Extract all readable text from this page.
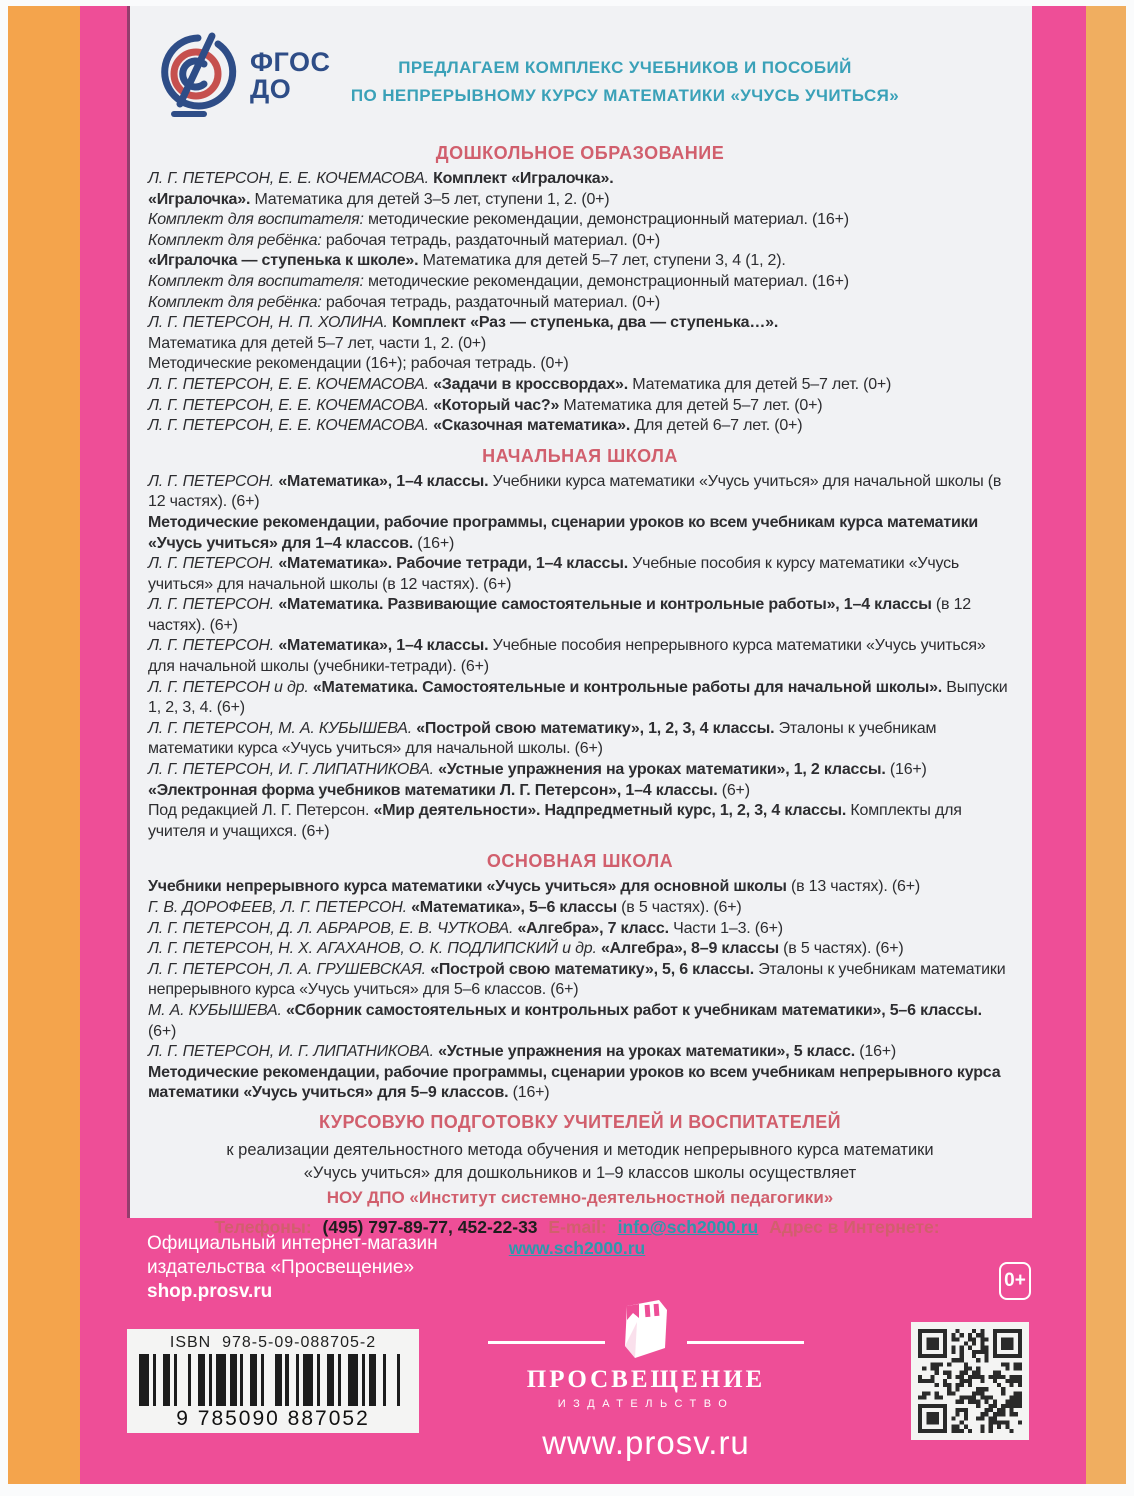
ФГОС
ДО
ПРЕДЛАГАЕМ КОМПЛЕКС УЧЕБНИКОВ И ПОСОБИЙ
ПО НЕПРЕРЫВНОМУ КУРСУ МАТЕМАТИКИ «УЧУСЬ УЧИТЬСЯ»
ДОШКОЛЬНОЕ ОБРАЗОВАНИЕ

Л. Г. ПЕТЕРСОН, Е. Е. КОЧЕМАСОВА. Комплект «Игралочка».

«Игралочка». Математика для детей 3–5 лет, ступени 1, 2. (0+)

Комплект для воспитателя: методические рекомендации, демонстрационный материал. (16+)

Комплект для ребёнка: рабочая тетрадь, раздаточный материал. (0+)

«Игралочка — ступенька к школе». Математика для детей 5–7 лет, ступени 3, 4 (1, 2).

Комплект для воспитателя: методические рекомендации, демонстрационный материал. (16+)

Комплект для ребёнка: рабочая тетрадь, раздаточный материал. (0+)

Л. Г. ПЕТЕРСОН, Н. П. ХОЛИНА. Комплект «Раз — ступенька, два — ступенька…».

Математика для детей 5–7 лет, части 1, 2. (0+)

Методические рекомендации (16+); рабочая тетрадь. (0+)

Л. Г. ПЕТЕРСОН, Е. Е. КОЧЕМАСОВА. «Задачи в кроссвордах». Математика для детей 5–7 лет. (0+)

Л. Г. ПЕТЕРСОН, Е. Е. КОЧЕМАСОВА. «Который час?» Математика для детей 5–7 лет. (0+)

Л. Г. ПЕТЕРСОН, Е. Е. КОЧЕМАСОВА. «Сказочная математика». Для детей 6–7 лет. (0+)

НАЧАЛЬНАЯ ШКОЛА

Л. Г. ПЕТЕРСОН. «Математика», 1–4 классы. Учебники курса математики «Учусь учиться» для начальной школы (в 12 частях). (6+)

Методические рекомендации, рабочие программы, сценарии уроков ко всем учебникам курса математики «Учусь учиться» для 1–4 классов. (16+)

Л. Г. ПЕТЕРСОН. «Математика». Рабочие тетради, 1–4 классы. Учебные пособия к курсу математики «Учусь учиться» для начальной школы (в 12 частях). (6+)

Л. Г. ПЕТЕРСОН. «Математика. Развивающие самостоятельные и контрольные работы», 1–4 классы (в 12 частях). (6+)

Л. Г. ПЕТЕРСОН. «Математика», 1–4 классы. Учебные пособия непрерывного курса математики «Учусь учиться» для начальной школы (учебники-тетради). (6+)

Л. Г. ПЕТЕРСОН и др. «Математика. Самостоятельные и контрольные работы для начальной школы». Выпуски 1, 2, 3, 4. (6+)

Л. Г. ПЕТЕРСОН, М. А. КУБЫШЕВА. «Построй свою математику», 1, 2, 3, 4 классы. Эталоны к учебникам математики курса «Учусь учиться» для начальной школы. (6+)

Л. Г. ПЕТЕРСОН, И. Г. ЛИПАТНИКОВА. «Устные упражнения на уроках математики», 1, 2 классы. (16+)

«Электронная форма учебников математики Л. Г. Петерсон», 1–4 классы. (6+)

Под редакцией Л. Г. Петерсон. «Мир деятельности». Надпредметный курс, 1, 2, 3, 4 классы. Комплекты для учителя и учащихся. (6+)

ОСНОВНАЯ ШКОЛА

Учебники непрерывного курса математики «Учусь учиться» для основной школы (в 13 частях). (6+)

Г. В. ДОРОФЕЕВ, Л. Г. ПЕТЕРСОН. «Математика», 5–6 классы (в 5 частях). (6+)

Л. Г. ПЕТЕРСОН, Д. Л. АБРАРОВ, Е. В. ЧУТКОВА. «Алгебра», 7 класс. Части 1–3. (6+)

Л. Г. ПЕТЕРСОН, Н. Х. АГАХАНОВ, О. К. ПОДЛИПСКИЙ и др. «Алгебра», 8–9 классы (в 5 частях). (6+)

Л. Г. ПЕТЕРСОН, Л. А. ГРУШЕВСКАЯ. «Построй свою математику», 5, 6 классы. Эталоны к учебникам математики непрерывного курса «Учусь учиться» для 5–6 классов. (6+)

М. А. КУБЫШЕВА. «Сборник самостоятельных и контрольных работ к учебникам математики», 5–6 классы. (6+)

Л. Г. ПЕТЕРСОН, И. Г. ЛИПАТНИКОВА. «Устные упражнения на уроках математики», 5 класс. (16+)

Методические рекомендации, рабочие программы, сценарии уроков ко всем учебникам непрерывного курса математики «Учусь учиться» для 5–9 классов. (16+)

КУРСОВУЮ ПОДГОТОВКУ УЧИТЕЛЕЙ И ВОСПИТАТЕЛЕЙ
к реализации деятельностного метода обучения и методик непрерывного курса математики
«Учусь учиться» для дошкольников и 1–9 классов школы осуществляет
НОУ ДПО «Институт системно-деятельностной педагогики»
Телефоны: (495) 797-89-77, 452-22-33 E-mail: info@sch2000.ru Адрес в Интернете: www.sch2000.ru
Официальный интернет-магазин
издательства «Просвещение»
shop.prosv.ru
ISBN 978-5-09-088705-2
9 785090 887052
ПРОСВЕЩЕНИЕ
ИЗДАТЕЛЬСТВО
www.prosv.ru
0+
